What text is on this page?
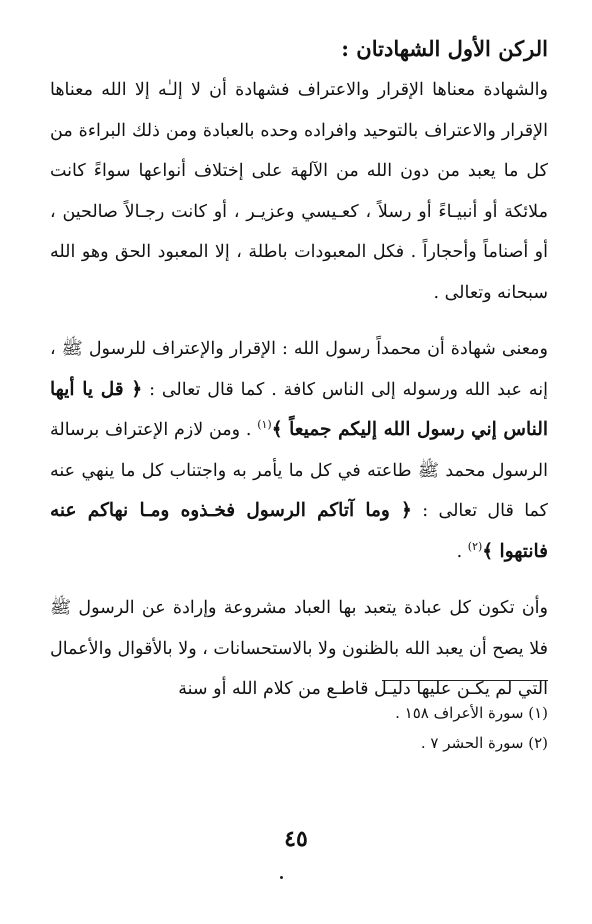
الركن الأول الشهادتان :

والشهادة معناها الإقرار والاعتراف فشهادة أن لا إلـٰه إلا الله معناها الإقرار والاعتراف بالتوحيد وافراده وحده بالعبادة ومن ذلك البراءة من كل ما يعبد من دون الله من الآلهة على إختلاف أنواعها سواءً كانت ملائكة أو أنبيـاءً أو رسلاً ، كعـيسي وعزيـر ، أو كانت رجـالاً صالحين ، أو أصناماً وأحجاراً . فكل المعبودات باطلة ، إلا المعبود الحق وهو الله سبحانه وتعالى .

ومعنى شهادة أن محمداً رسول الله : الإقرار والإعتراف للرسول ﷺ ، إنه عبد الله ورسوله إلى الناس كافة . كما قال تعالى : ﴿ قل يا أيها الناس إني رسول الله إليكم جميعاً ﴾$^{(١)}$ . ومن لازم الإعتراف برسالة الرسول محمد ﷺ طاعته في كل ما يأمر به واجتناب كل ما ينهي عنه كما قال تعالى : ﴿ وما آتاكم الرسول فخـذوه ومـا نهاكم عنه فانتهوا ﴾$^{(٢)}$ .

وأن تكون كل عبادة يتعبد بها العباد مشروعة وإرادة عن الرسول ﷺ فلا يصح أن يعبد الله بالظنون ولا بالاستحسانات ، ولا بالأقوال والأعمال التي لم يكـن عليها دليـل قاطـع من كلام الله أو سنة

(١) سورة الأعراف ١٥٨ .

(٢) سورة الحشر ٧ .

٤٥
